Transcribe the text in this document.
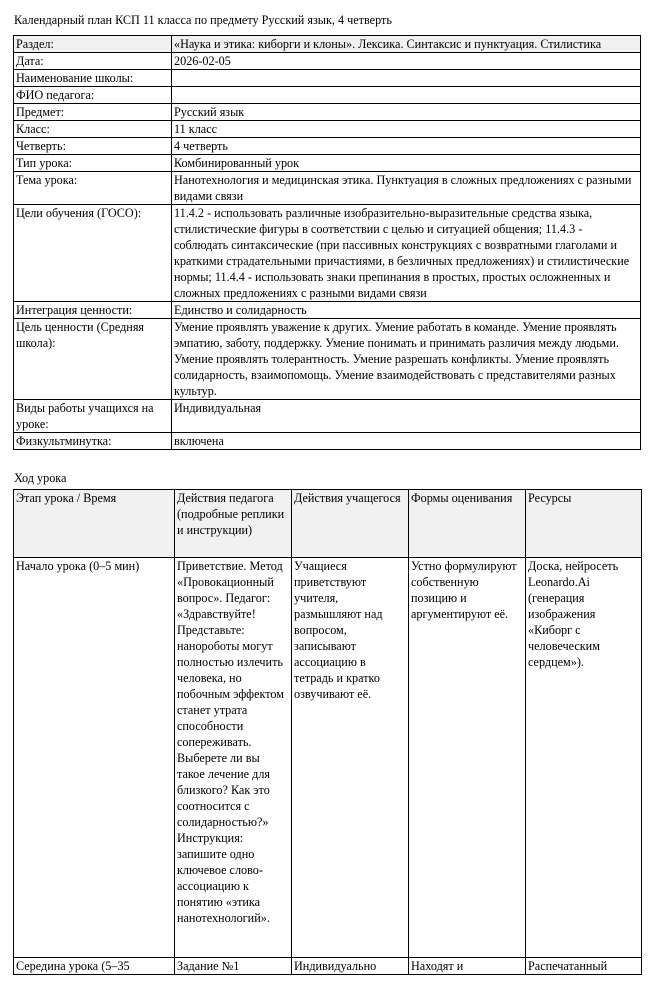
Календарный план КСП 11 класса по предмету Русский язык, 4 четверть
Раздел:	«Наука и этика: киборги и клоны». Лексика. Синтаксис и пунктуация. Стилистика
Дата:	2026-02-05
Наименование школы:	
ФИО педагога:	
Предмет:	Русский язык
Класс:	11 класс
Четверть:	4 четверть
Тип урока:	Комбинированный урок
Тема урока:	Нанотехнология и медицинская этика. Пунктуация в сложных предложениях с разными видами связи
Цели обучения (ГОСО):	11.4.2 - использовать различные изобразительно-выразительные средства языка, стилистические фигуры в соответствии с целью и ситуацией общения; 11.4.3 - соблюдать синтаксические (при пассивных конструкциях с возвратными глаголами и краткими страдательными причастиями, в безличных предложениях) и стилистические нормы; 11.4.4 - использовать знаки препинания в простых, простых осложненных и сложных предложениях с разными видами связи
Интеграция ценности:	Единство и солидарность
Цель ценности (Средняя школа):	Умение проявлять уважение к других. Умение работать в команде. Умение проявлять эмпатию, заботу, поддержку. Умение понимать и принимать различия между людьми. Умение проявлять толерантность. Умение разрешать конфликты. Умение проявлять солидарность, взаимопомощь. Умение взаимодействовать с представителями разных культур.
Виды работы учащихся на уроке:	Индивидуальная
Физкультминутка:	включена
Ход урока
Этап урока / Время	Действия педагога (подробные реплики и инструкции)	Действия учащегося	Формы оценивания	Ресурсы
Начало урока (0–5 мин)	Приветствие. Метод «Провокационный вопрос». Педагог: «Здравствуйте! Представьте: нанороботы могут полностью излечить человека, но побочным эффектом станет утрата способности сопереживать. Выберете ли вы такое лечение для близкого? Как это соотносится с солидарностью?» Инструкция: запишите одно ключевое слово-ассоциацию к понятию «этика нанотехнологий».	Учащиеся приветствуют учителя, размышляют над вопросом, записывают ассоциацию в тетрадь и кратко озвучивают её.	Устно формулируют собственную позицию и аргументируют её.	Доска, нейросеть Leonardo.Ai (генерация изображения «Киборг с человеческим сердцем»).
Середина урока (5–35	Задание №1	Индивидуально	Находят и	Распечатанный
